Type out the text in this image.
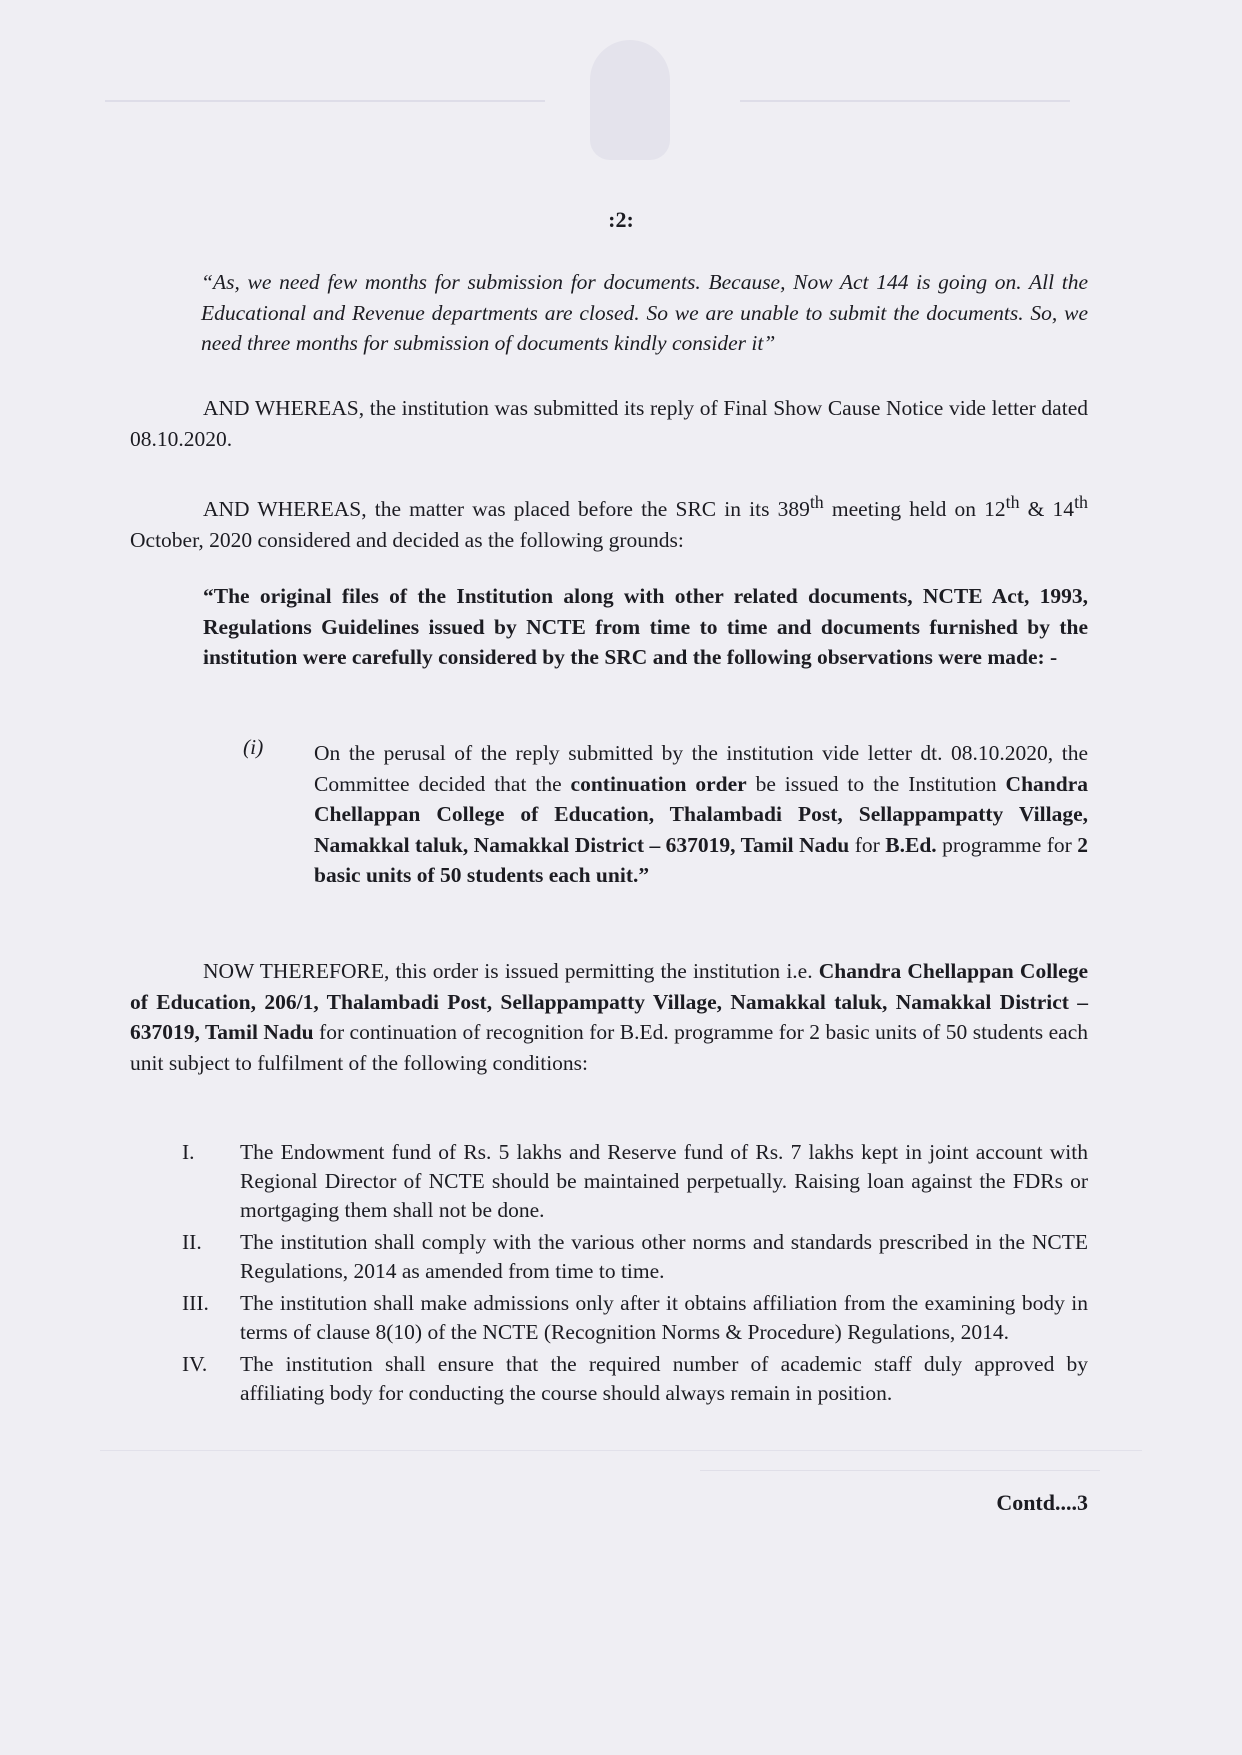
:2:

“As, we need few months for submission for documents. Because, Now Act 144 is going on. All the Educational and Revenue departments are closed. So we are unable to submit the documents. So, we need three months for submission of documents kindly consider it”

AND WHEREAS, the institution was submitted its reply of Final Show Cause Notice vide letter dated 08.10.2020.

AND WHEREAS, the matter was placed before the SRC in its 389th meeting held on 12th & 14th October, 2020 considered and decided as the following grounds:

“The original files of the Institution along with other related documents, NCTE Act, 1993, Regulations Guidelines issued by NCTE from time to time and documents furnished by the institution were carefully considered by the SRC and the following observations were made: -

(i) On the perusal of the reply submitted by the institution vide letter dt. 08.10.2020, the Committee decided that the continuation order be issued to the Institution Chandra Chellappan College of Education, Thalambadi Post, Sellappampatty Village, Namakkal taluk, Namakkal District – 637019, Tamil Nadu for B.Ed. programme for 2 basic units of 50 students each unit.”

NOW THEREFORE, this order is issued permitting the institution i.e. Chandra Chellappan College of Education, 206/1, Thalambadi Post, Sellappampatty Village, Namakkal taluk, Namakkal District – 637019, Tamil Nadu for continuation of recognition for B.Ed. programme for 2 basic units of 50 students each unit subject to fulfilment of the following conditions:

I.	The Endowment fund of Rs. 5 lakhs and Reserve fund of Rs. 7 lakhs kept in joint account with Regional Director of NCTE should be maintained perpetually. Raising loan against the FDRs or mortgaging them shall not be done.
II.	The institution shall comply with the various other norms and standards prescribed in the NCTE Regulations, 2014 as amended from time to time.
III.	The institution shall make admissions only after it obtains affiliation from the examining body in terms of clause 8(10) of the NCTE (Recognition Norms & Procedure) Regulations, 2014.
IV.	The institution shall ensure that the required number of academic staff duly approved by affiliating body for conducting the course should always remain in position.
Contd....3
